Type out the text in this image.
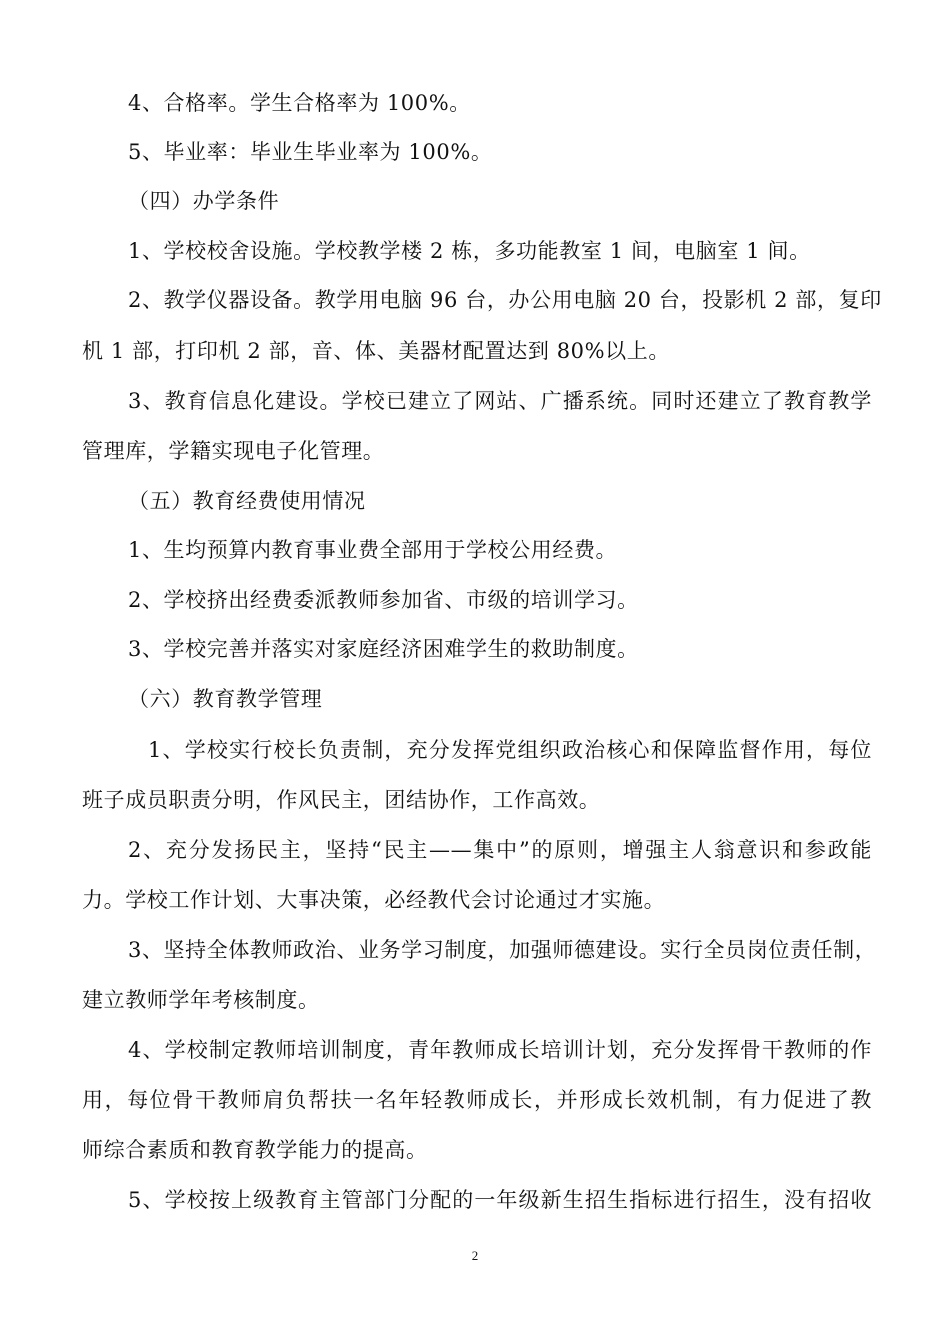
4、合格率。学生合格率为 100%。
5、毕业率：毕业生毕业率为 100%。
（四）办学条件
1、学校校舍设施。学校教学楼 2 栋，多功能教室 1 间，电脑室 1 间。
2、教学仪器设备。教学用电脑 96 台，办公用电脑 20 台，投影机 2 部，复印
机 1 部，打印机 2 部，音、体、美器材配置达到 80%以上。
3、教育信息化建设。学校已建立了网站、广播系统。同时还建立了教育教学
管理库，学籍实现电子化管理。
（五）教育经费使用情况
1、生均预算内教育事业费全部用于学校公用经费。
2、学校挤出经费委派教师参加省、市级的培训学习。
3、学校完善并落实对家庭经济困难学生的救助制度。
（六）教育教学管理
1、学校实行校长负责制，充分发挥党组织政治核心和保障监督作用，每位
班子成员职责分明，作风民主，团结协作，工作高效。
2、充分发扬民主，坚持“民主——集中”的原则，增强主人翁意识和参政能
力。学校工作计划、大事决策，必经教代会讨论通过才实施。
3、坚持全体教师政治、业务学习制度，加强师德建设。实行全员岗位责任制，
建立教师学年考核制度。
4、学校制定教师培训制度，青年教师成长培训计划，充分发挥骨干教师的作
用，每位骨干教师肩负帮扶一名年轻教师成长，并形成长效机制，有力促进了教
师综合素质和教育教学能力的提高。
5、学校按上级教育主管部门分配的一年级新生招生指标进行招生，没有招收
2
